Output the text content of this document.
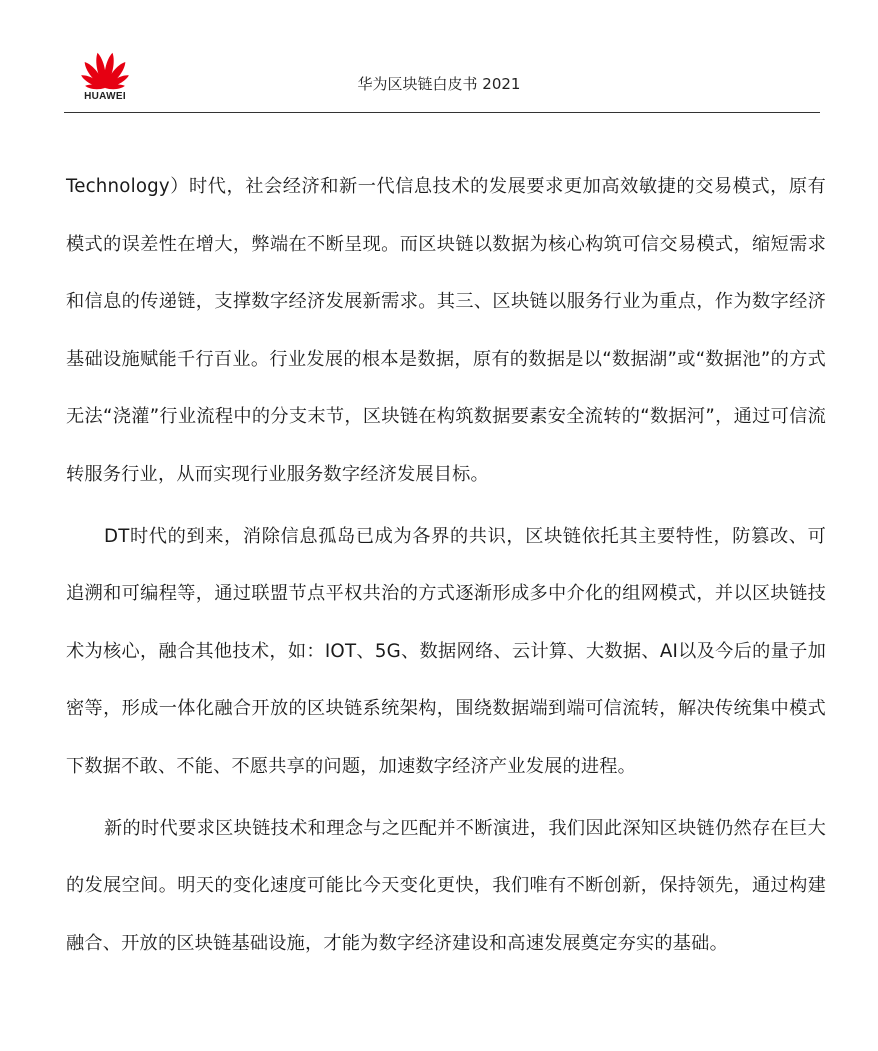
HUAWEI
华为区块链白皮书 2021

Technology）时代，社会经济和新一代信息技术的发展要求更加高效敏捷的交易模式，原有模式的误差性在增大，弊端在不断呈现。而区块链以数据为核心构筑可信交易模式，缩短需求和信息的传递链，支撑数字经济发展新需求。其三、区块链以服务行业为重点，作为数字经济基础设施赋能千行百业。行业发展的根本是数据，原有的数据是以“数据湖”或“数据池”的方式无法“浇灌”行业流程中的分支末节，区块链在构筑数据要素安全流转的“数据河”，通过可信流转服务行业，从而实现行业服务数字经济发展目标。

DT时代的到来，消除信息孤岛已成为各界的共识，区块链依托其主要特性，防篡改、可追溯和可编程等，通过联盟节点平权共治的方式逐渐形成多中介化的组网模式，并以区块链技术为核心，融合其他技术，如：IOT、5G、数据网络、云计算、大数据、AI以及今后的量子加密等，形成一体化融合开放的区块链系统架构，围绕数据端到端可信流转，解决传统集中模式下数据不敢、不能、不愿共享的问题，加速数字经济产业发展的进程。

新的时代要求区块链技术和理念与之匹配并不断演进，我们因此深知区块链仍然存在巨大的发展空间。明天的变化速度可能比今天变化更快，我们唯有不断创新，保持领先，通过构建融合、开放的区块链基础设施，才能为数字经济建设和高速发展奠定夯实的基础。
